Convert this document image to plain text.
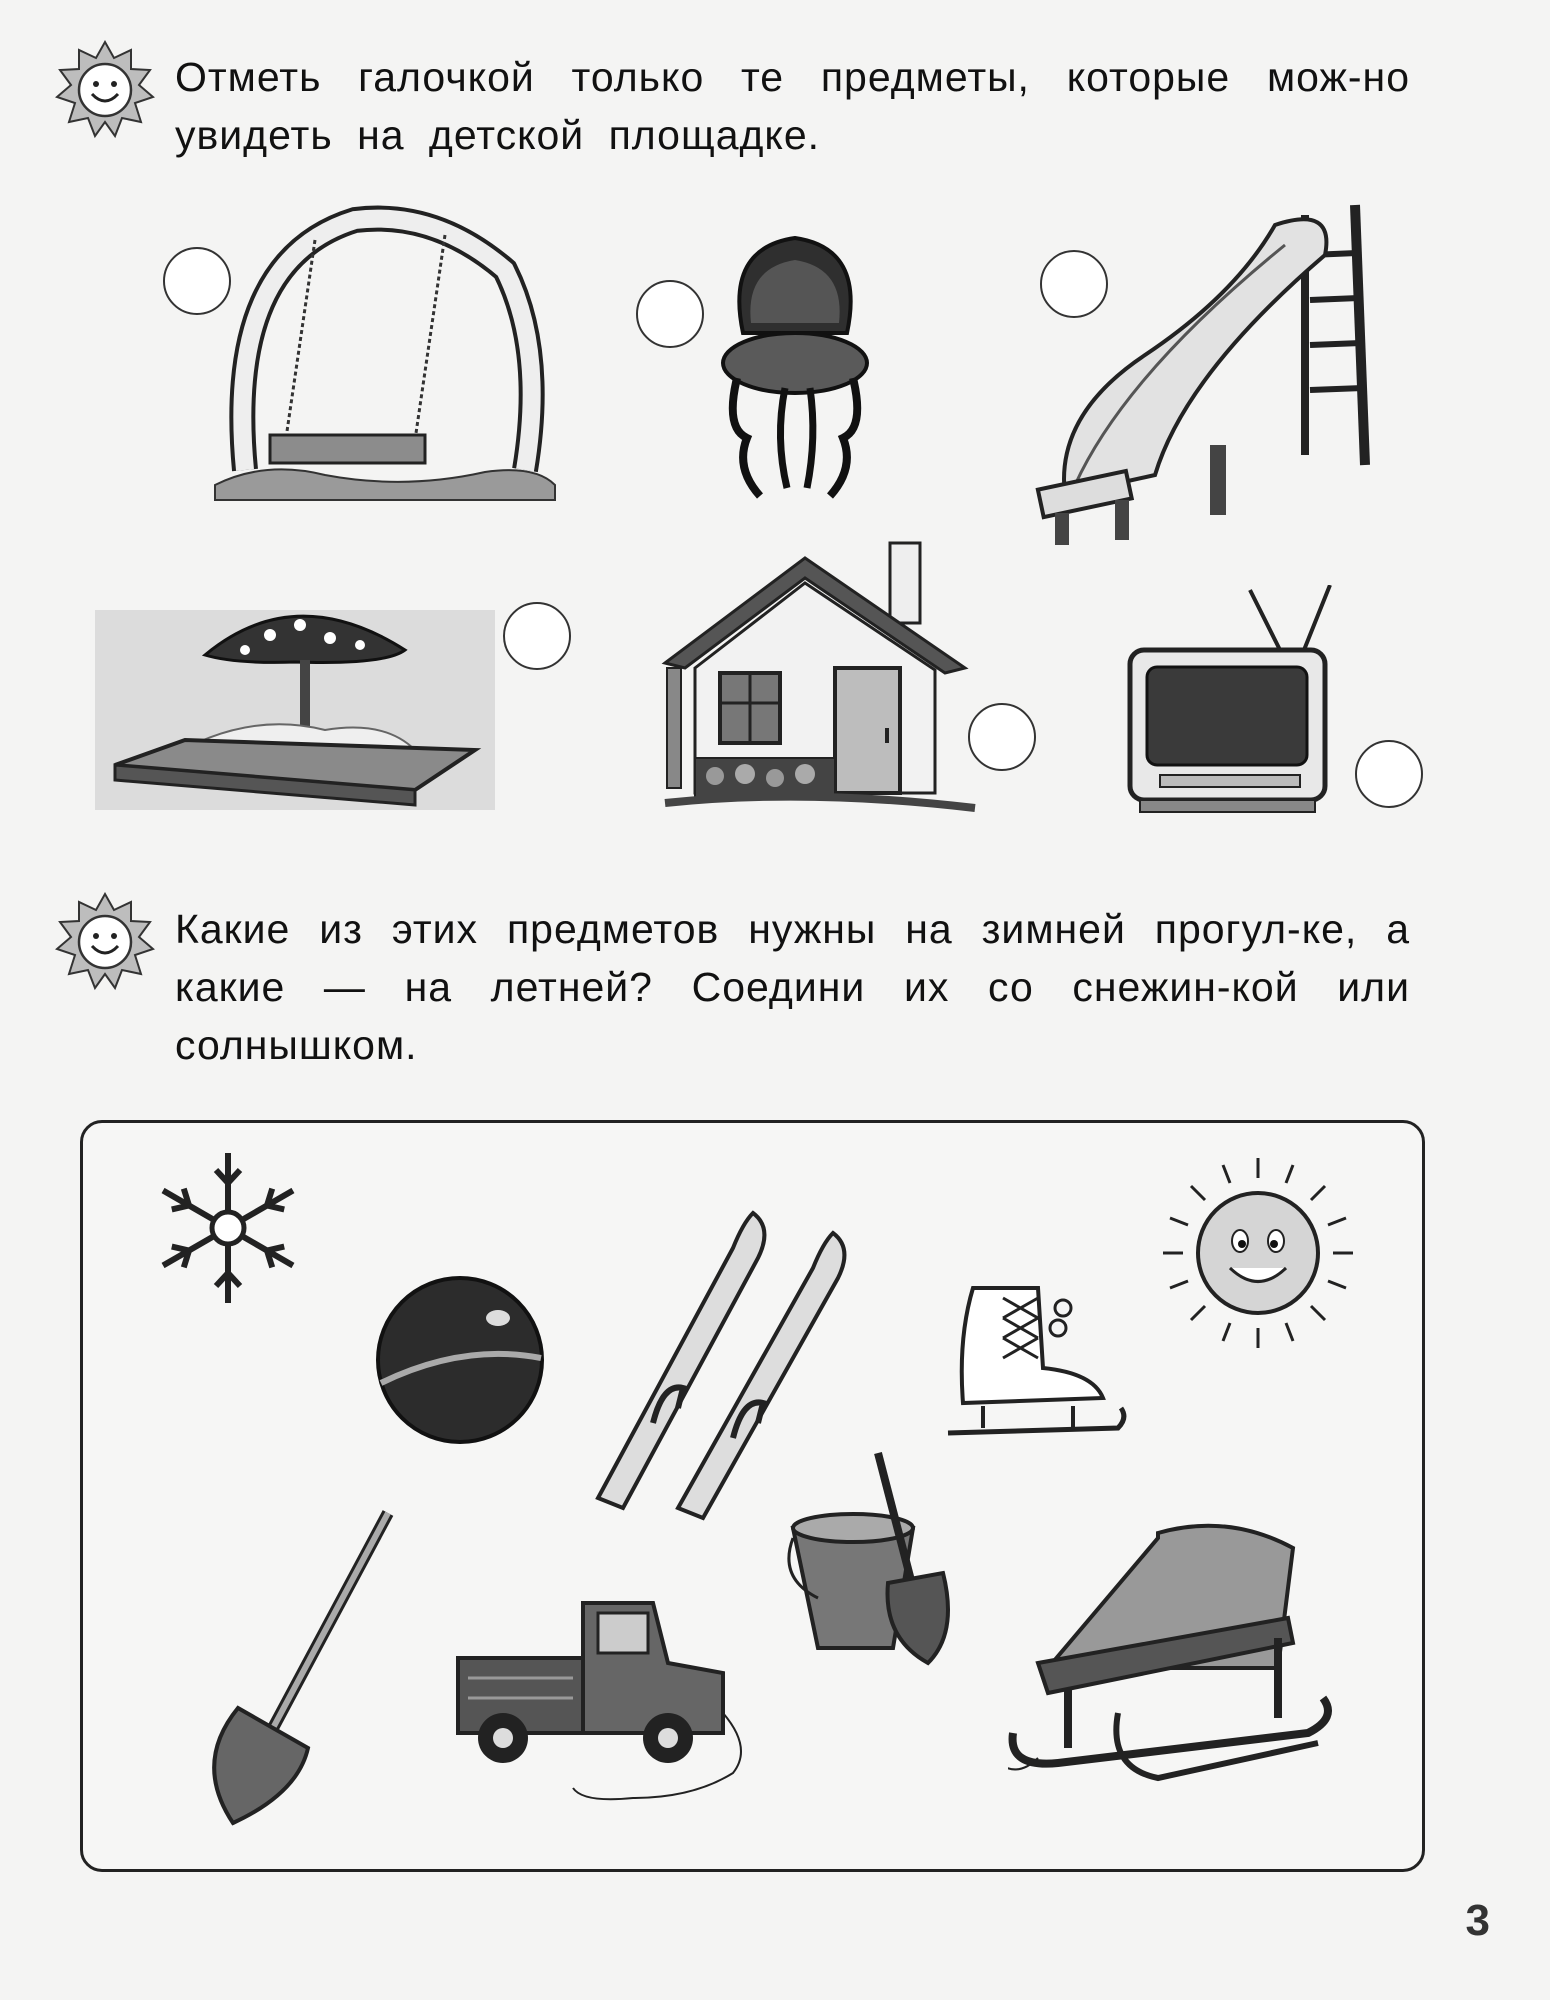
Отметь галочкой только те предметы, которые мож-но увидеть на детской площадке.
Какие из этих предметов нужны на зимней прогул-ке, а какие — на летней? Соедини их со снежин-кой или солнышком.
3
